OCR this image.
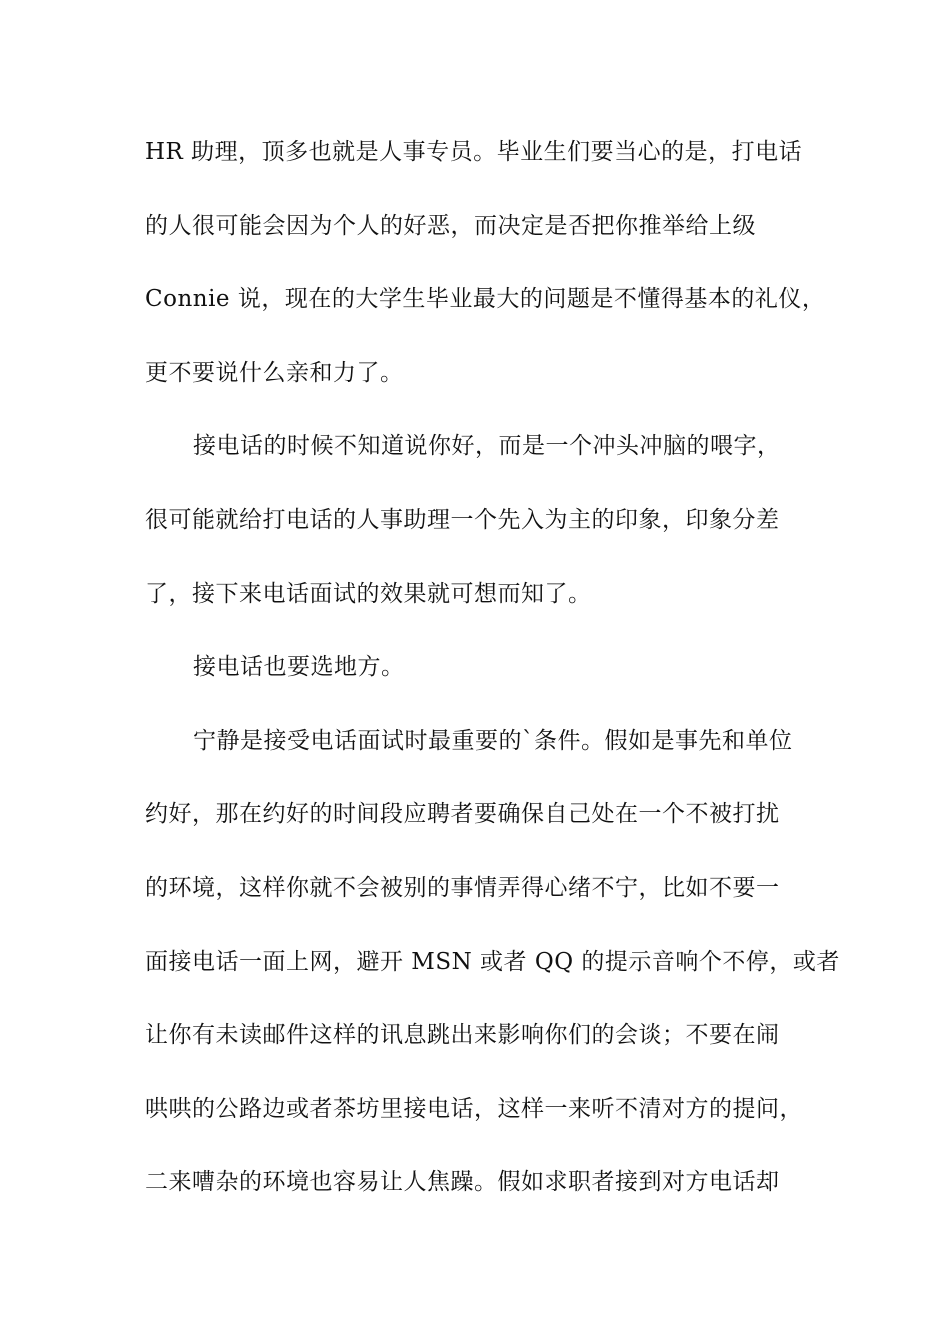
HR 助理，顶多也就是人事专员。毕业生们要当心的是，打电话
的人很可能会因为个人的好恶，而决定是否把你推举给上级
Connie 说，现在的大学生毕业最大的问题是不懂得基本的礼仪，
更不要说什么亲和力了。
接电话的时候不知道说你好，而是一个冲头冲脑的喂字，
很可能就给打电话的人事助理一个先入为主的印象，印象分差
了，接下来电话面试的效果就可想而知了。
接电话也要选地方。
宁静是接受电话面试时最重要的`条件。假如是事先和单位
约好，那在约好的时间段应聘者要确保自己处在一个不被打扰
的环境，这样你就不会被别的事情弄得心绪不宁，比如不要一
面接电话一面上网，避开 MSN 或者 QQ 的提示音响个不停，或者
让你有未读邮件这样的讯息跳出来影响你们的会谈；不要在闹
哄哄的公路边或者茶坊里接电话，这样一来听不清对方的提问，
二来嘈杂的环境也容易让人焦躁。假如求职者接到对方电话却
